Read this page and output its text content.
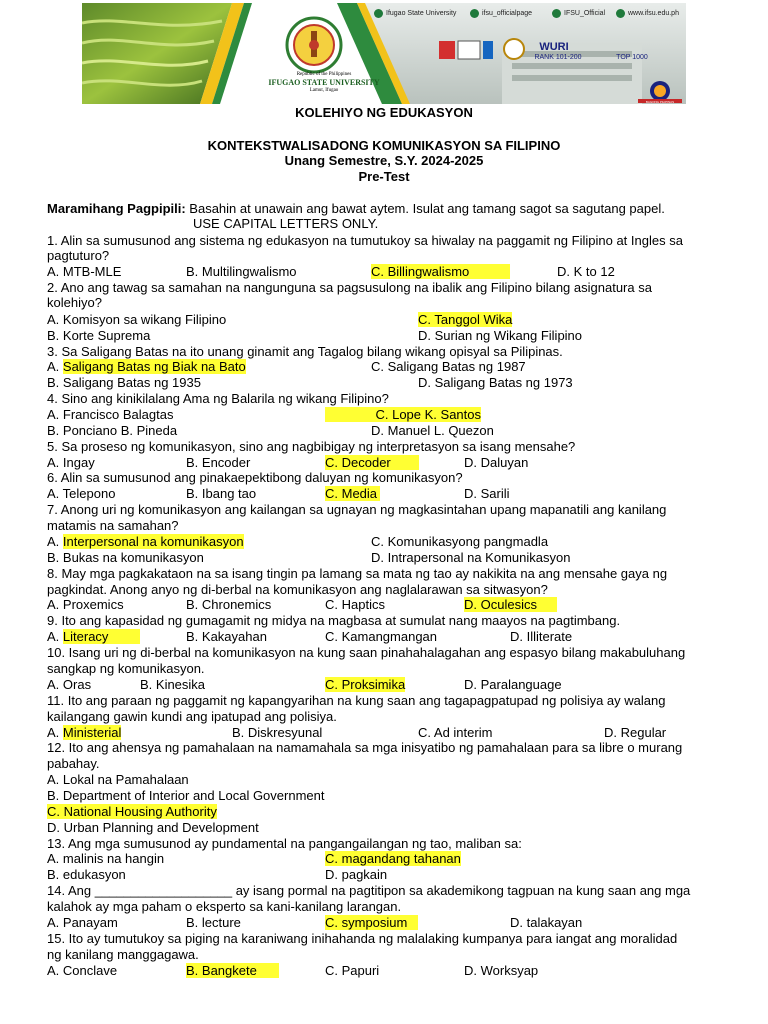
Republic of the Philippines
IFUGAO STATE UNIVERSITY
Lamut, Ifugao
Ifugao State University	ifsu_officialpage	IFSU_Official	www.ifsu.edu.ph
WURI
RANK 101-200	TOP 1000
BAGONG PILIPINAS
KOLEHIYO NG EDUKASYON
KONTEKSTWALISADONG KOMUNIKASYON SA FILIPINO
Unang Semestre, S.Y. 2024-2025
Pre-Test
Maramihang Pagpipili: Basahin at unawain ang bawat aytem. Isulat ang tamang sagot sa sagutang papel.
USE CAPITAL LETTERS ONLY.
1. Alin sa sumusunod ang sistema ng edukasyon na tumutukoy sa hiwalay na paggamit ng Filipino at Ingles sa
pagtuturo?
A. MTB-MLE	B. Multilingwalismo	C. Billingwalismo	D. K to 12
2. Ano ang tawag sa samahan na nangunguna sa pagsusulong na ibalik ang Filipino bilang asignatura sa
kolehiyo?
A. Komisyon sa wikang Filipino	C. Tanggol Wika
B. Korte Suprema	D. Surian ng Wikang Filipino
3. Sa Saligang Batas na ito unang ginamit ang Tagalog bilang wikang opisyal sa Pilipinas.
A. Saligang Batas ng Biak na Bato	C. Saligang Batas ng 1987
B. Saligang Batas ng 1935	D. Saligang Batas ng 1973
4. Sino ang kinikilalang Ama ng Balarila ng wikang Filipino?
A. Francisco Balagtas	C. Lope K. Santos
B. Ponciano B. Pineda	D. Manuel L. Quezon
5. Sa proseso ng komunikasyon, sino ang nagbibigay ng interpretasyon sa isang mensahe?
A. Ingay	B. Encoder	C. Decoder	D. Daluyan
6. Alin sa sumusunod ang pinakaepektibong daluyan ng komunikasyon?
A. Telepono	B. Ibang tao	C. Media	D. Sarili
7. Anong uri ng komunikasyon ang kailangan sa ugnayan ng magkasintahan upang mapanatili ang kanilang
matamis na samahan?
A. Interpersonal na komunikasyon	C. Komunikasyong pangmadla
B. Bukas na komunikasyon	D. Intrapersonal na Komunikasyon
8. May mga pagkakataon na sa isang tingin pa lamang sa mata ng tao ay nakikita na ang mensahe gaya ng
pagkindat. Anong anyo ng di-berbal na komunikasyon ang naglalarawan sa sitwasyon?
A. Proxemics	B. Chronemics	C. Haptics	D. Oculesics
9. Ito ang kapasidad ng gumagamit ng midya na magbasa at sumulat nang maayos na pagtimbang.
A. Literacy	B. Kakayahan	C. Kamangmangan	D. Illiterate
10. Isang uri ng di-berbal na komunikasyon na kung saan pinahahalagahan ang espasyo bilang makabuluhang
sangkap ng komunikasyon.
A. Oras	B. Kinesika	C. Proksimika	D. Paralanguage
11. Ito ang paraan ng paggamit ng kapangyarihan na kung saan ang tagapagpatupad ng polisiya ay walang
kailangang gawin kundi ang ipatupad ang polisiya.
A. Ministerial	B. Diskresyunal	C. Ad interim	D. Regular
12. Ito ang ahensya ng pamahalaan na namamahala sa mga inisyatibo ng pamahalaan para sa libre o murang
pabahay.
A. Lokal na Pamahalaan
B. Department of Interior and Local Government
C. National Housing Authority
D. Urban Planning and Development
13. Ang mga sumusunod ay pundamental na pangangailangan ng tao, maliban sa:
A. malinis na hangin	C. magandang tahanan
B. edukasyon	D. pagkain
14. Ang ___________________ ay isang pormal na pagtitipon sa akademikong tagpuan na kung saan ang mga
kalahok ay mga paham o eksperto sa kani-kanilang larangan.
A. Panayam	B. lecture	C. symposium	D. talakayan
15. Ito ay tumutukoy sa piging na karaniwang inihahanda ng malalaking kumpanya para iangat ang moralidad
ng kanilang manggagawa.
A. Conclave	B. Bangkete	C. Papuri	D. Worksyap
